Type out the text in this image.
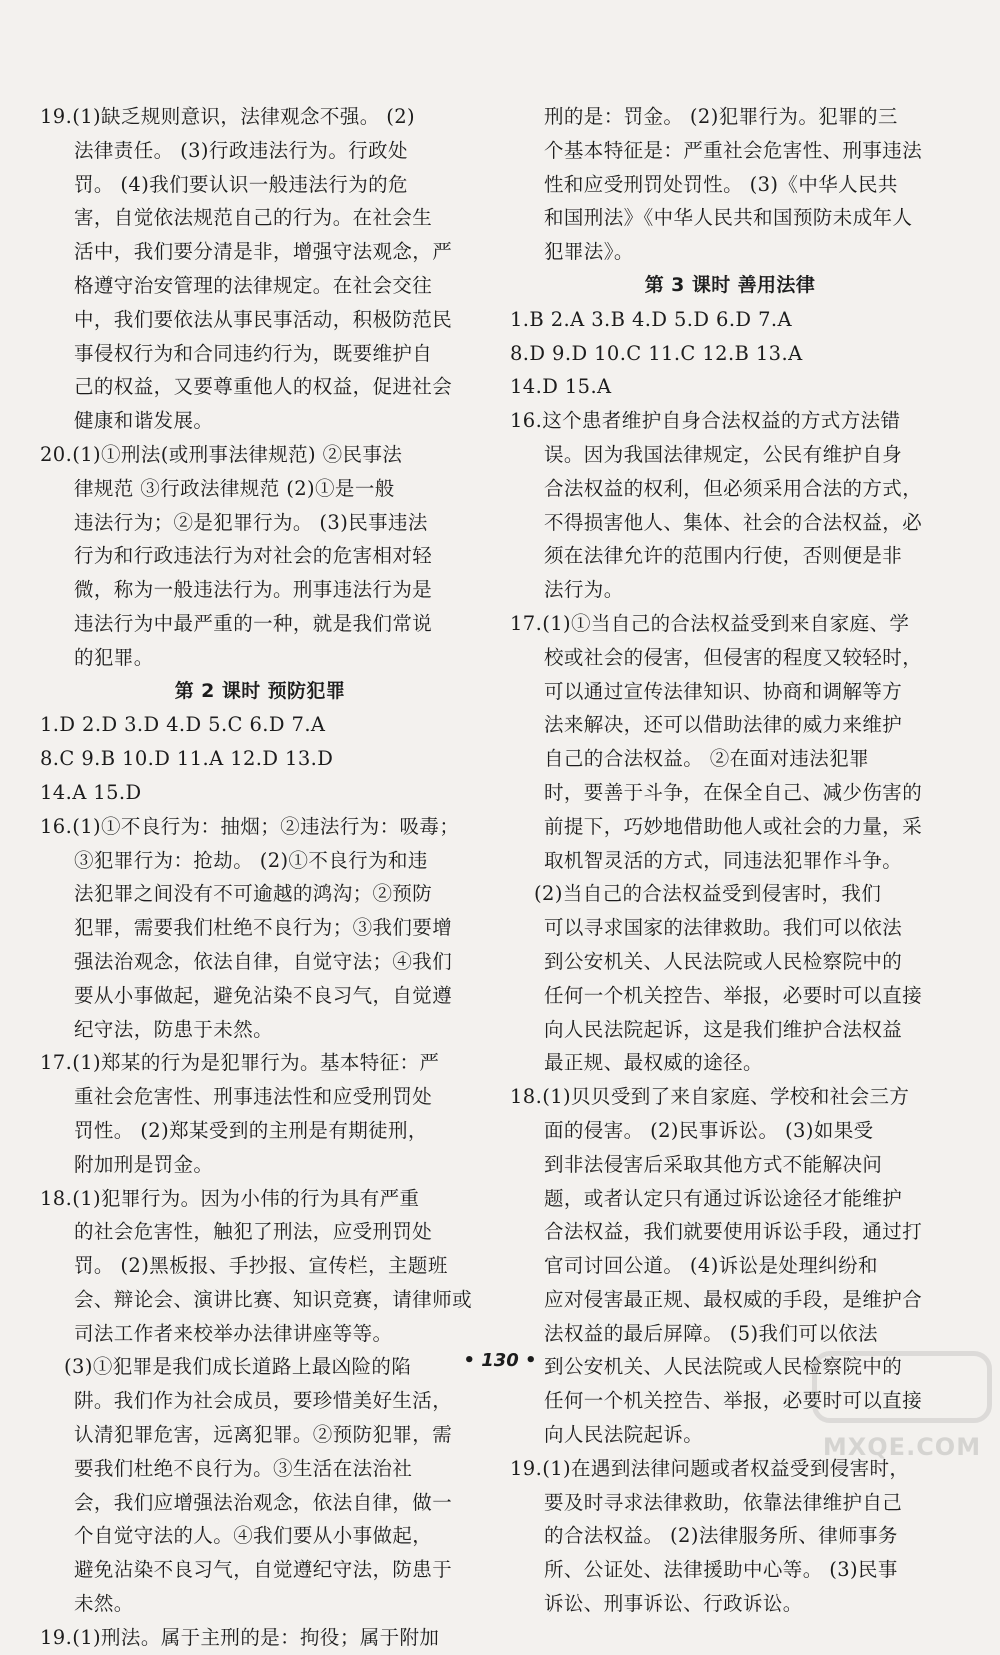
19.(1)缺乏规则意识，法律观念不强。 (2)
法律责任。 (3)行政违法行为。行政处
罚。 (4)我们要认识一般违法行为的危
害，自觉依法规范自己的行为。在社会生
活中，我们要分清是非，增强守法观念，严
格遵守治安管理的法律规定。在社会交往
中，我们要依法从事民事活动，积极防范民
事侵权行为和合同违约行为，既要维护自
己的权益，又要尊重他人的权益，促进社会
健康和谐发展。
20.(1)①刑法(或刑事法律规范) ②民事法
律规范 ③行政法律规范 (2)①是一般
违法行为；②是犯罪行为。 (3)民事违法
行为和行政违法行为对社会的危害相对轻
微，称为一般违法行为。刑事违法行为是
违法行为中最严重的一种，就是我们常说
的犯罪。
第 2 课时 预防犯罪
1.D 2.D 3.D 4.D 5.C 6.D 7.A
8.C 9.B 10.D 11.A 12.D 13.D
14.A 15.D
16.(1)①不良行为：抽烟；②违法行为：吸毒；
③犯罪行为：抢劫。 (2)①不良行为和违
法犯罪之间没有不可逾越的鸿沟；②预防
犯罪，需要我们杜绝不良行为；③我们要增
强法治观念，依法自律，自觉守法；④我们
要从小事做起，避免沾染不良习气，自觉遵
纪守法，防患于未然。
17.(1)郑某的行为是犯罪行为。基本特征：严
重社会危害性、刑事违法性和应受刑罚处
罚性。 (2)郑某受到的主刑是有期徒刑，
附加刑是罚金。
18.(1)犯罪行为。因为小伟的行为具有严重
的社会危害性，触犯了刑法，应受刑罚处
罚。 (2)黑板报、手抄报、宣传栏，主题班
会、辩论会、演讲比赛、知识竞赛，请律师或
司法工作者来校举办法律讲座等等。
(3)①犯罪是我们成长道路上最凶险的陷
阱。我们作为社会成员，要珍惜美好生活，
认清犯罪危害，远离犯罪。②预防犯罪，需
要我们杜绝不良行为。③生活在法治社
会，我们应增强法治观念，依法自律，做一
个自觉守法的人。④我们要从小事做起，
避免沾染不良习气，自觉遵纪守法，防患于
未然。
19.(1)刑法。属于主刑的是：拘役；属于附加
刑的是：罚金。 (2)犯罪行为。犯罪的三
个基本特征是：严重社会危害性、刑事违法
性和应受刑罚处罚性。 (3)《中华人民共
和国刑法》《中华人民共和国预防未成年人
犯罪法》。
第 3 课时 善用法律
1.B 2.A 3.B 4.D 5.D 6.D 7.A
8.D 9.D 10.C 11.C 12.B 13.A
14.D 15.A
16.这个患者维护自身合法权益的方式方法错
误。因为我国法律规定，公民有维护自身
合法权益的权利，但必须采用合法的方式，
不得损害他人、集体、社会的合法权益，必
须在法律允许的范围内行使，否则便是非
法行为。
17.(1)①当自己的合法权益受到来自家庭、学
校或社会的侵害，但侵害的程度又较轻时，
可以通过宣传法律知识、协商和调解等方
法来解决，还可以借助法律的威力来维护
自己的合法权益。 ②在面对违法犯罪
时，要善于斗争，在保全自己、减少伤害的
前提下，巧妙地借助他人或社会的力量，采
取机智灵活的方式，同违法犯罪作斗争。
(2)当自己的合法权益受到侵害时，我们
可以寻求国家的法律救助。我们可以依法
到公安机关、人民法院或人民检察院中的
任何一个机关控告、举报，必要时可以直接
向人民法院起诉，这是我们维护合法权益
最正规、最权威的途径。
18.(1)贝贝受到了来自家庭、学校和社会三方
面的侵害。 (2)民事诉讼。 (3)如果受
到非法侵害后采取其他方式不能解决问
题，或者认定只有通过诉讼途径才能维护
合法权益，我们就要使用诉讼手段，通过打
官司讨回公道。 (4)诉讼是处理纠纷和
应对侵害最正规、最权威的手段，是维护合
法权益的最后屏障。 (5)我们可以依法
到公安机关、人民法院或人民检察院中的
任何一个机关控告、举报，必要时可以直接
向人民法院起诉。
19.(1)在遇到法律问题或者权益受到侵害时，
要及时寻求法律救助，依靠法律维护自己
的合法权益。 (2)法律服务所、律师事务
所、公证处、法律援助中心等。 (3)民事
诉讼、刑事诉讼、行政诉讼。
• 130 •
MXQE.COM
